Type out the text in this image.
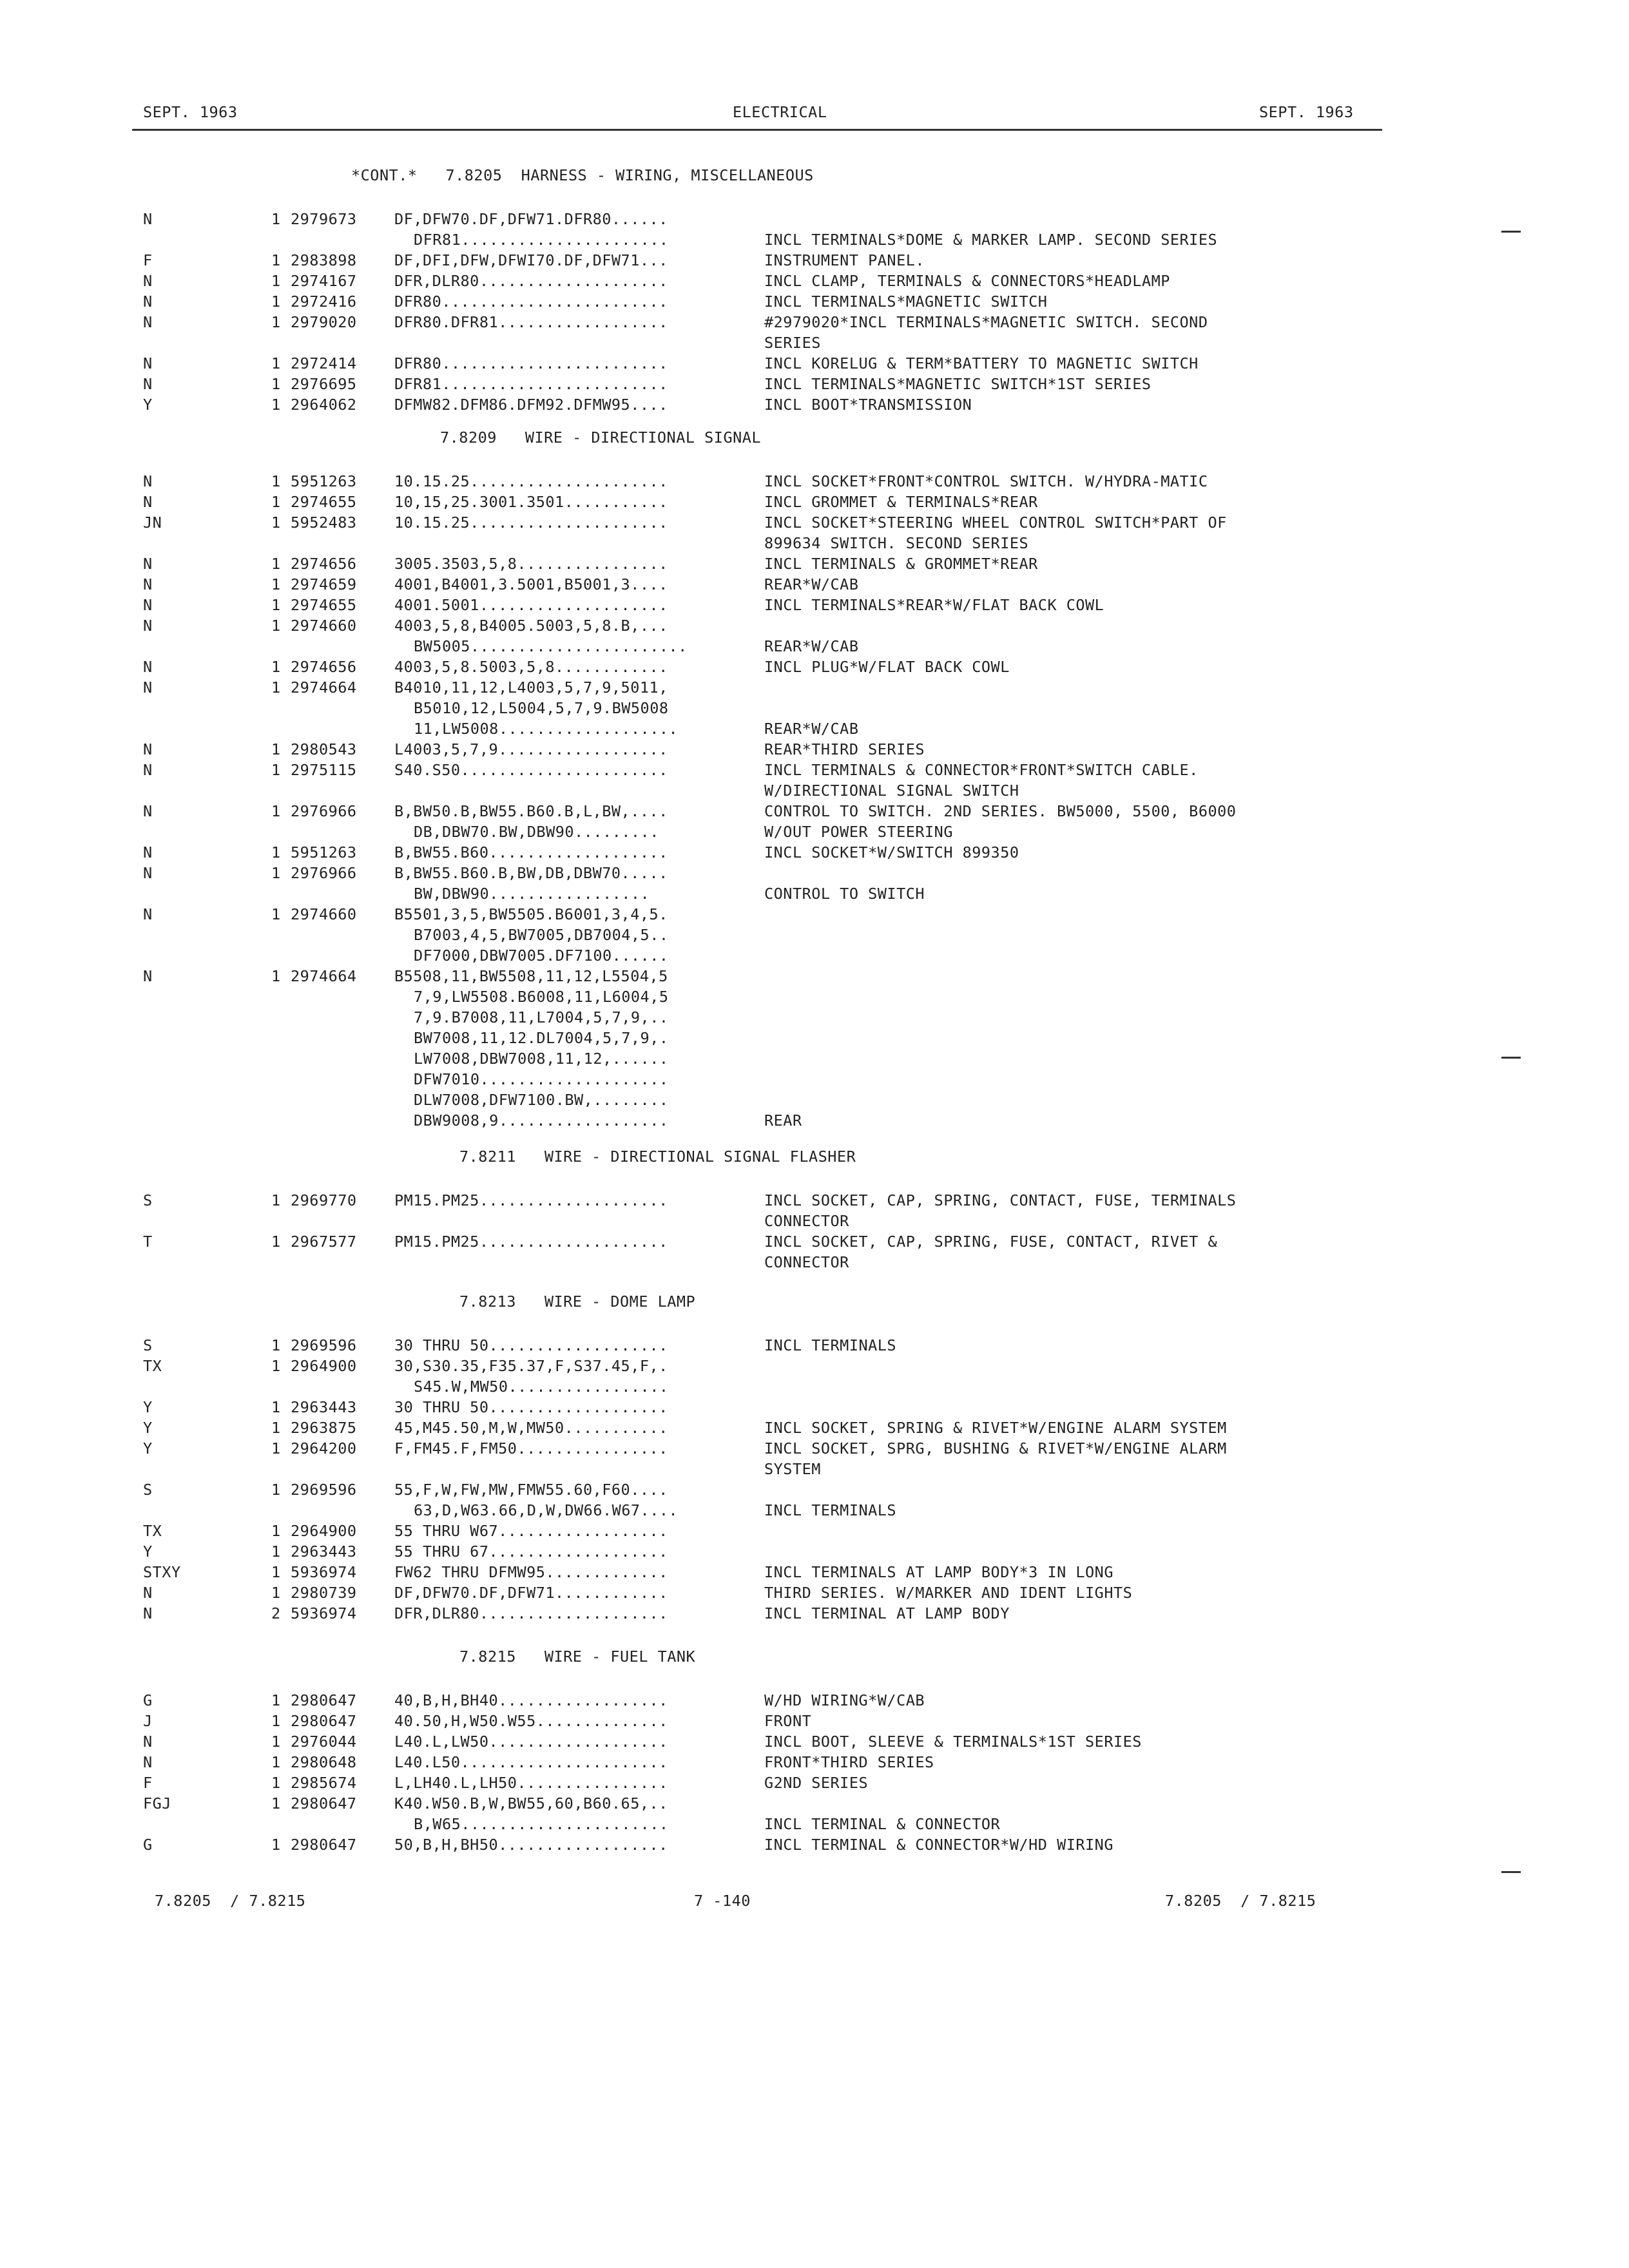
SEPT. 1963	ELECTRICAL	SEPT. 1963
*CONT.*   7.8205  HARNESS - WIRING, MISCELLANEOUS
N	1 2979673 DF,DFW70.DF,DFW71.DFR80......
DFR81......................	INCL TERMINALS*DOME & MARKER LAMP. SECOND SERIES
F	1 2983898 DF,DFI,DFW,DFWI70.DF,DFW71...	INSTRUMENT PANEL.
N	1 2974167 DFR,DLR80....................	INCL CLAMP, TERMINALS & CONNECTORS*HEADLAMP
N	1 2972416 DFR80........................	INCL TERMINALS*MAGNETIC SWITCH
N	1 2979020 DFR80.DFR81..................	#2979020*INCL TERMINALS*MAGNETIC SWITCH. SECOND
SERIES
N	1 2972414 DFR80........................	INCL KORELUG & TERM*BATTERY TO MAGNETIC SWITCH
N	1 2976695 DFR81........................	INCL TERMINALS*MAGNETIC SWITCH*1ST SERIES
Y	1 2964062 DFMW82.DFM86.DFM92.DFMW95....	INCL BOOT*TRANSMISSION
7.8209   WIRE - DIRECTIONAL SIGNAL
N	1 5951263 10.15.25.....................	INCL SOCKET*FRONT*CONTROL SWITCH. W/HYDRA-MATIC
N	1 2974655 10,15,25.3001.3501...........	INCL GROMMET & TERMINALS*REAR
JN	1 5952483 10.15.25.....................	INCL SOCKET*STEERING WHEEL CONTROL SWITCH*PART OF
899634 SWITCH. SECOND SERIES
N	1 2974656 3005.3503,5,8................	INCL TERMINALS & GROMMET*REAR
N	1 2974659 4001,B4001,3.5001,B5001,3....	REAR*W/CAB
N	1 2974655 4001.5001....................	INCL TERMINALS*REAR*W/FLAT BACK COWL
N	1 2974660 4003,5,8,B4005.5003,5,8.B,...
BW5005.......................	REAR*W/CAB
N	1 2974656 4003,5,8.5003,5,8............	INCL PLUG*W/FLAT BACK COWL
N	1 2974664 B4010,11,12,L4003,5,7,9,5011,
B5010,12,L5004,5,7,9.BW5008
11,LW5008...................	REAR*W/CAB
N	1 2980543 L4003,5,7,9..................	REAR*THIRD SERIES
N	1 2975115 S40.S50......................	INCL TERMINALS & CONNECTOR*FRONT*SWITCH CABLE.
W/DIRECTIONAL SIGNAL SWITCH
N	1 2976966 B,BW50.B,BW55.B60.B,L,BW,....	CONTROL TO SWITCH. 2ND SERIES. BW5000, 5500, B6000
DB,DBW70.BW,DBW90.........	W/OUT POWER STEERING
N	1 5951263 B,BW55.B60...................	INCL SOCKET*W/SWITCH 899350
N	1 2976966 B,BW55.B60.B,BW,DB,DBW70.....
BW,DBW90.................	CONTROL TO SWITCH
N	1 2974660 B5501,3,5,BW5505.B6001,3,4,5.
B7003,4,5,BW7005,DB7004,5..
DF7000,DBW7005.DF7100......
N	1 2974664 B5508,11,BW5508,11,12,L5504,5
7,9,LW5508.B6008,11,L6004,5
7,9.B7008,11,L7004,5,7,9,..
BW7008,11,12.DL7004,5,7,9,.
LW7008,DBW7008,11,12,......
DFW7010....................
DLW7008,DFW7100.BW,........
DBW9008,9..................	REAR
7.8211   WIRE - DIRECTIONAL SIGNAL FLASHER
S	1 2969770 PM15.PM25....................	INCL SOCKET, CAP, SPRING, CONTACT, FUSE, TERMINALS
CONNECTOR
T	1 2967577 PM15.PM25....................	INCL SOCKET, CAP, SPRING, FUSE, CONTACT, RIVET &
CONNECTOR
7.8213   WIRE - DOME LAMP
S	1 2969596 30 THRU 50...................	INCL TERMINALS
TX	1 2964900 30,S30.35,F35.37,F,S37.45,F,.
S45.W,MW50.................
Y	1 2963443 30 THRU 50...................
Y	1 2963875 45,M45.50,M,W,MW50...........	INCL SOCKET, SPRING & RIVET*W/ENGINE ALARM SYSTEM
Y	1 2964200 F,FM45.F,FM50................	INCL SOCKET, SPRG, BUSHING & RIVET*W/ENGINE ALARM
SYSTEM
S	1 2969596 55,F,W,FW,MW,FMW55.60,F60....
63,D,W63.66,D,W,DW66.W67....	INCL TERMINALS
TX	1 2964900 55 THRU W67..................
Y	1 2963443 55 THRU 67...................
STXY	1 5936974 FW62 THRU DFMW95.............	INCL TERMINALS AT LAMP BODY*3 IN LONG
N	1 2980739 DF,DFW70.DF,DFW71............	THIRD SERIES. W/MARKER AND IDENT LIGHTS
N	2 5936974 DFR,DLR80....................	INCL TERMINAL AT LAMP BODY
7.8215   WIRE - FUEL TANK
G	1 2980647 40,B,H,BH40..................	W/HD WIRING*W/CAB
J	1 2980647 40.50,H,W50.W55..............	FRONT
N	1 2976044 L40.L,LW50...................	INCL BOOT, SLEEVE & TERMINALS*1ST SERIES
N	1 2980648 L40.L50......................	FRONT*THIRD SERIES
F	1 2985674 L,LH40.L,LH50................	G2ND SERIES
FGJ	1 2980647 K40.W50.B,W,BW55,60,B60.65,..
B,W65......................	INCL TERMINAL & CONNECTOR
G	1 2980647 50,B,H,BH50..................	INCL TERMINAL & CONNECTOR*W/HD WIRING
7.8205  / 7.8215	7 -140	7.8205  / 7.8215
